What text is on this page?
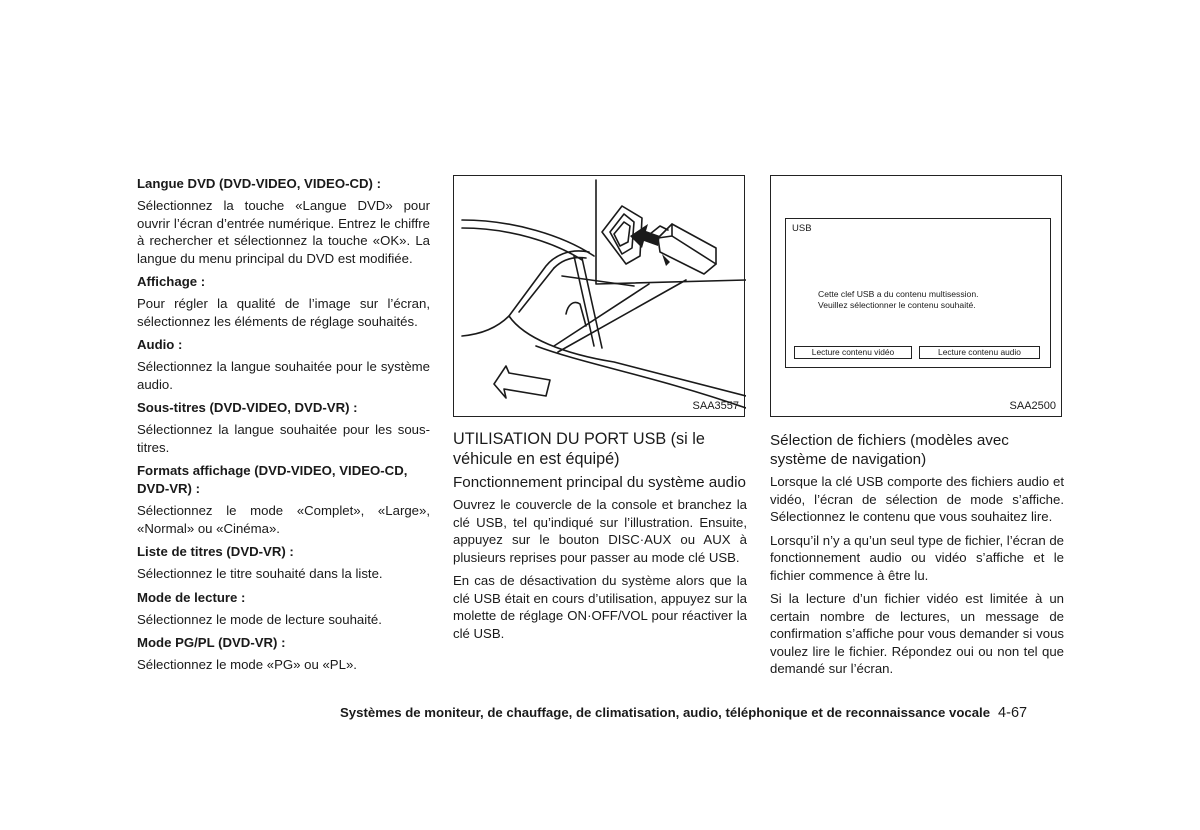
Langue DVD (DVD-VIDEO, VIDEO-CD) :
Sélectionnez la touche «Langue DVD» pour ouvrir l’écran d’entrée numérique. Entrez le chiffre à rechercher et sélectionnez la touche «OK». La langue du menu principal du DVD est modifiée.
Affichage :
Pour régler la qualité de l’image sur l’écran, sélectionnez les éléments de réglage souhaités.
Audio :
Sélectionnez la langue souhaitée pour le système audio.
Sous-titres (DVD-VIDEO, DVD-VR) :
Sélectionnez la langue souhaitée pour les sous-titres.
Formats affichage (DVD-VIDEO, VIDEO-CD, DVD-VR) :
Sélectionnez le mode «Complet», «Large», «Normal» ou «Cinéma».
Liste de titres (DVD-VR) :
Sélectionnez le titre souhaité dans la liste.
Mode de lecture :
Sélectionnez le mode de lecture souhaité.
Mode PG/PL (DVD-VR) :
Sélectionnez le mode «PG» ou «PL».
SAA3557
UTILISATION DU PORT USB (si le véhicule en est équipé)
Fonctionnement principal du système audio
Ouvrez le couvercle de la console et branchez la clé USB, tel qu’indiqué sur l’illustration. Ensuite, appuyez sur le bouton DISC·AUX ou AUX à plusieurs reprises pour passer au mode clé USB.
En cas de désactivation du système alors que la clé USB était en cours d’utilisation, appuyez sur la molette de réglage ON·OFF/VOL pour réactiver la clé USB.
USB
Cette clef USB a du contenu multisession.
Veuillez sélectionner le contenu souhaité.
Lecture contenu vidéo	Lecture contenu audio
SAA2500
Sélection de fichiers (modèles avec système de navigation)
Lorsque la clé USB comporte des fichiers audio et vidéo, l’écran de sélection de mode s’affiche. Sélectionnez le contenu que vous souhaitez lire.
Lorsqu’il n’y a qu’un seul type de fichier, l’écran de fonctionnement audio ou vidéo s’affiche et le fichier commence à être lu.
Si la lecture d’un fichier vidéo est limitée à un certain nombre de lectures, un message de confirmation s’affiche pour vous demander si vous voulez lire le fichier. Répondez oui ou non tel que demandé sur l’écran.
Systèmes de moniteur, de chauffage, de climatisation, audio, téléphonique et de reconnaissance vocale 4-67
